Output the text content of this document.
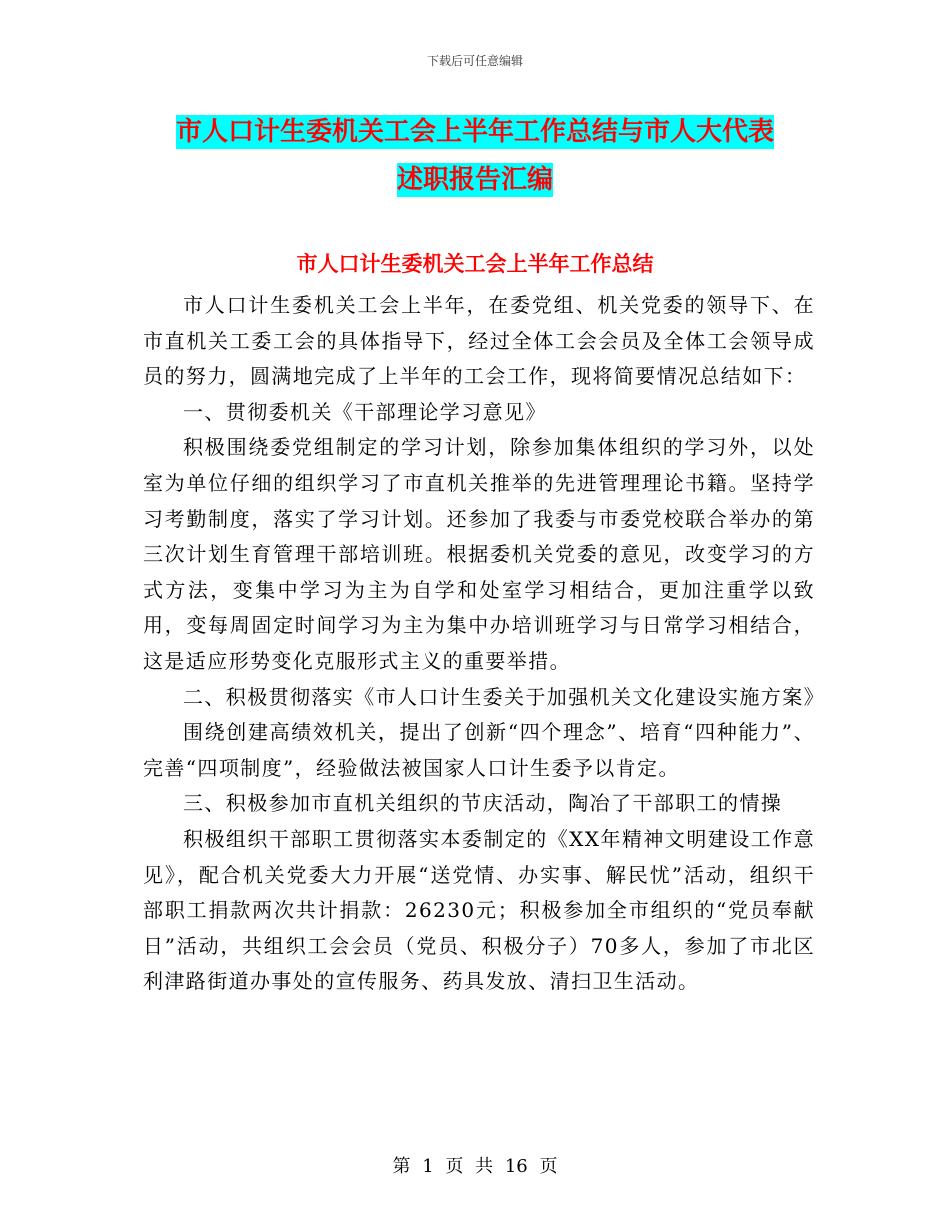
下载后可任意编辑
市人口计生委机关工会上半年工作总结与市人大代表
述职报告汇编
市人口计生委机关工会上半年工作总结

市人口计生委机关工会上半年，在委党组、机关党委的领导下、在市直机关工委工会的具体指导下，经过全体工会会员及全体工会领导成员的努力，圆满地完成了上半年的工会工作，现将简要情况总结如下：

一、贯彻委机关《干部理论学习意见》

积极围绕委党组制定的学习计划，除参加集体组织的学习外，以处室为单位仔细的组织学习了市直机关推举的先进管理理论书籍。坚持学习考勤制度，落实了学习计划。还参加了我委与市委党校联合举办的第三次计划生育管理干部培训班。根据委机关党委的意见，改变学习的方式方法，变集中学习为主为自学和处室学习相结合，更加注重学以致用，变每周固定时间学习为主为集中办培训班学习与日常学习相结合，这是适应形势变化克服形式主义的重要举措。

二、积极贯彻落实《市人口计生委关于加强机关文化建设实施方案》

围绕创建高绩效机关，提出了创新“四个理念”、培育“四种能力”、完善“四项制度”，经验做法被国家人口计生委予以肯定。

三、积极参加市直机关组织的节庆活动，陶冶了干部职工的情操

积极组织干部职工贯彻落实本委制定的《XX年精神文明建设工作意见》，配合机关党委大力开展“送党情、办实事、解民忧”活动，组织干部职工捐款两次共计捐款：26230元；积极参加全市组织的“党员奉献日”活动，共组织工会会员（党员、积极分子）70多人，参加了市北区利津路街道办事处的宣传服务、药具发放、清扫卫生活动。

第 1 页 共 16 页
